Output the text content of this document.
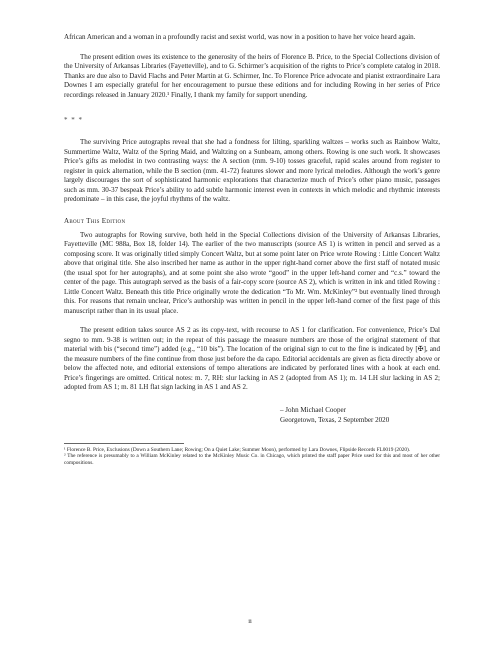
African American and a woman in a profoundly racist and sexist world, was now in a position to have her voice heard again.

The present edition owes its existence to the generosity of the heirs of Florence B. Price, to the Special Collections division of the University of Arkansas Libraries (Fayetteville), and to G. Schirmer’s acquisition of the rights to Price’s complete catalog in 2018. Thanks are due also to David Flachs and Peter Martin at G. Schirmer, Inc. To Florence Price advocate and pianist extraordinaire Lara Downes I am especially grateful for her encouragement to pursue these editions and for including Rowing in her series of Price recordings released in January 2020.¹ Finally, I thank my family for support unending.

* * *

The surviving Price autographs reveal that she had a fondness for lilting, sparkling waltzes – works such as Rainbow Waltz, Summertime Waltz, Waltz of the Spring Maid, and Waltzing on a Sunbeam, among others. Rowing is one such work. It showcases Price’s gifts as melodist in two contrasting ways: the A section (mm. 9-10) tosses graceful, rapid scales around from register to register in quick alternation, while the B section (mm. 41-72) features slower and more lyrical melodies. Although the work’s genre largely discourages the sort of sophisticated harmonic explorations that characterize much of Price’s other piano music, passages such as mm. 30-37 bespeak Price’s ability to add subtle harmonic interest even in contexts in which melodic and rhythmic interests predominate – in this case, the joyful rhythms of the waltz.

About This Edition

Two autographs for Rowing survive, both held in the Special Collections division of the University of Arkansas Libraries, Fayetteville (MC 988a, Box 18, folder 14). The earlier of the two manuscripts (source AS 1) is written in pencil and served as a composing score. It was originally titled simply Concert Waltz, but at some point later on Price wrote Rowing : Little Concert Waltz above that original title. She also inscribed her name as author in the upper right-hand corner above the first staff of notated music (the usual spot for her autographs), and at some point she also wrote “good” in the upper left-hand corner and “c.s.” toward the center of the page. This autograph served as the basis of a fair-copy score (source AS 2), which is written in ink and titled Rowing : Little Concert Waltz. Beneath this title Price originally wrote the dedication “To Mr. Wm. McKinley”² but eventually lined through this. For reasons that remain unclear, Price’s authorship was written in pencil in the upper left-hand corner of the first page of this manuscript rather than in its usual place.

The present edition takes source AS 2 as its copy-text, with recourse to AS 1 for clarification. For convenience, Price’s Dal segno to mm. 9-38 is written out; in the repeat of this passage the measure numbers are those of the original statement of that material with bis (“second time”) added (e.g., “10 bis”). The location of the original sign to cut to the fine is indicated by [✠], and the measure numbers of the fine continue from those just before the da capo. Editorial accidentals are given as ficta directly above or below the affected note, and editorial extensions of tempo alterations are indicated by perforated lines with a hook at each end. Price’s fingerings are omitted. Critical notes: m. 7, RH: slur lacking in AS 2 (adopted from AS 1); m. 14 LH slur lacking in AS 2; adopted from AS 1; m. 81 LH flat sign lacking in AS 1 and AS 2.

– John Michael Cooper
Georgetown, Texas, 2 September 2020

¹ Florence B. Price, Exclusions (Down a Southern Lane; Rowing; On a Quiet Lake; Summer Moon), performed by Lara Downes, Flipside Records FL0019 (2020).

² The reference is presumably to a William McKinley related to the McKinley Music Co. in Chicago, which printed the staff paper Price used for this and most of her other compositions.

ii
